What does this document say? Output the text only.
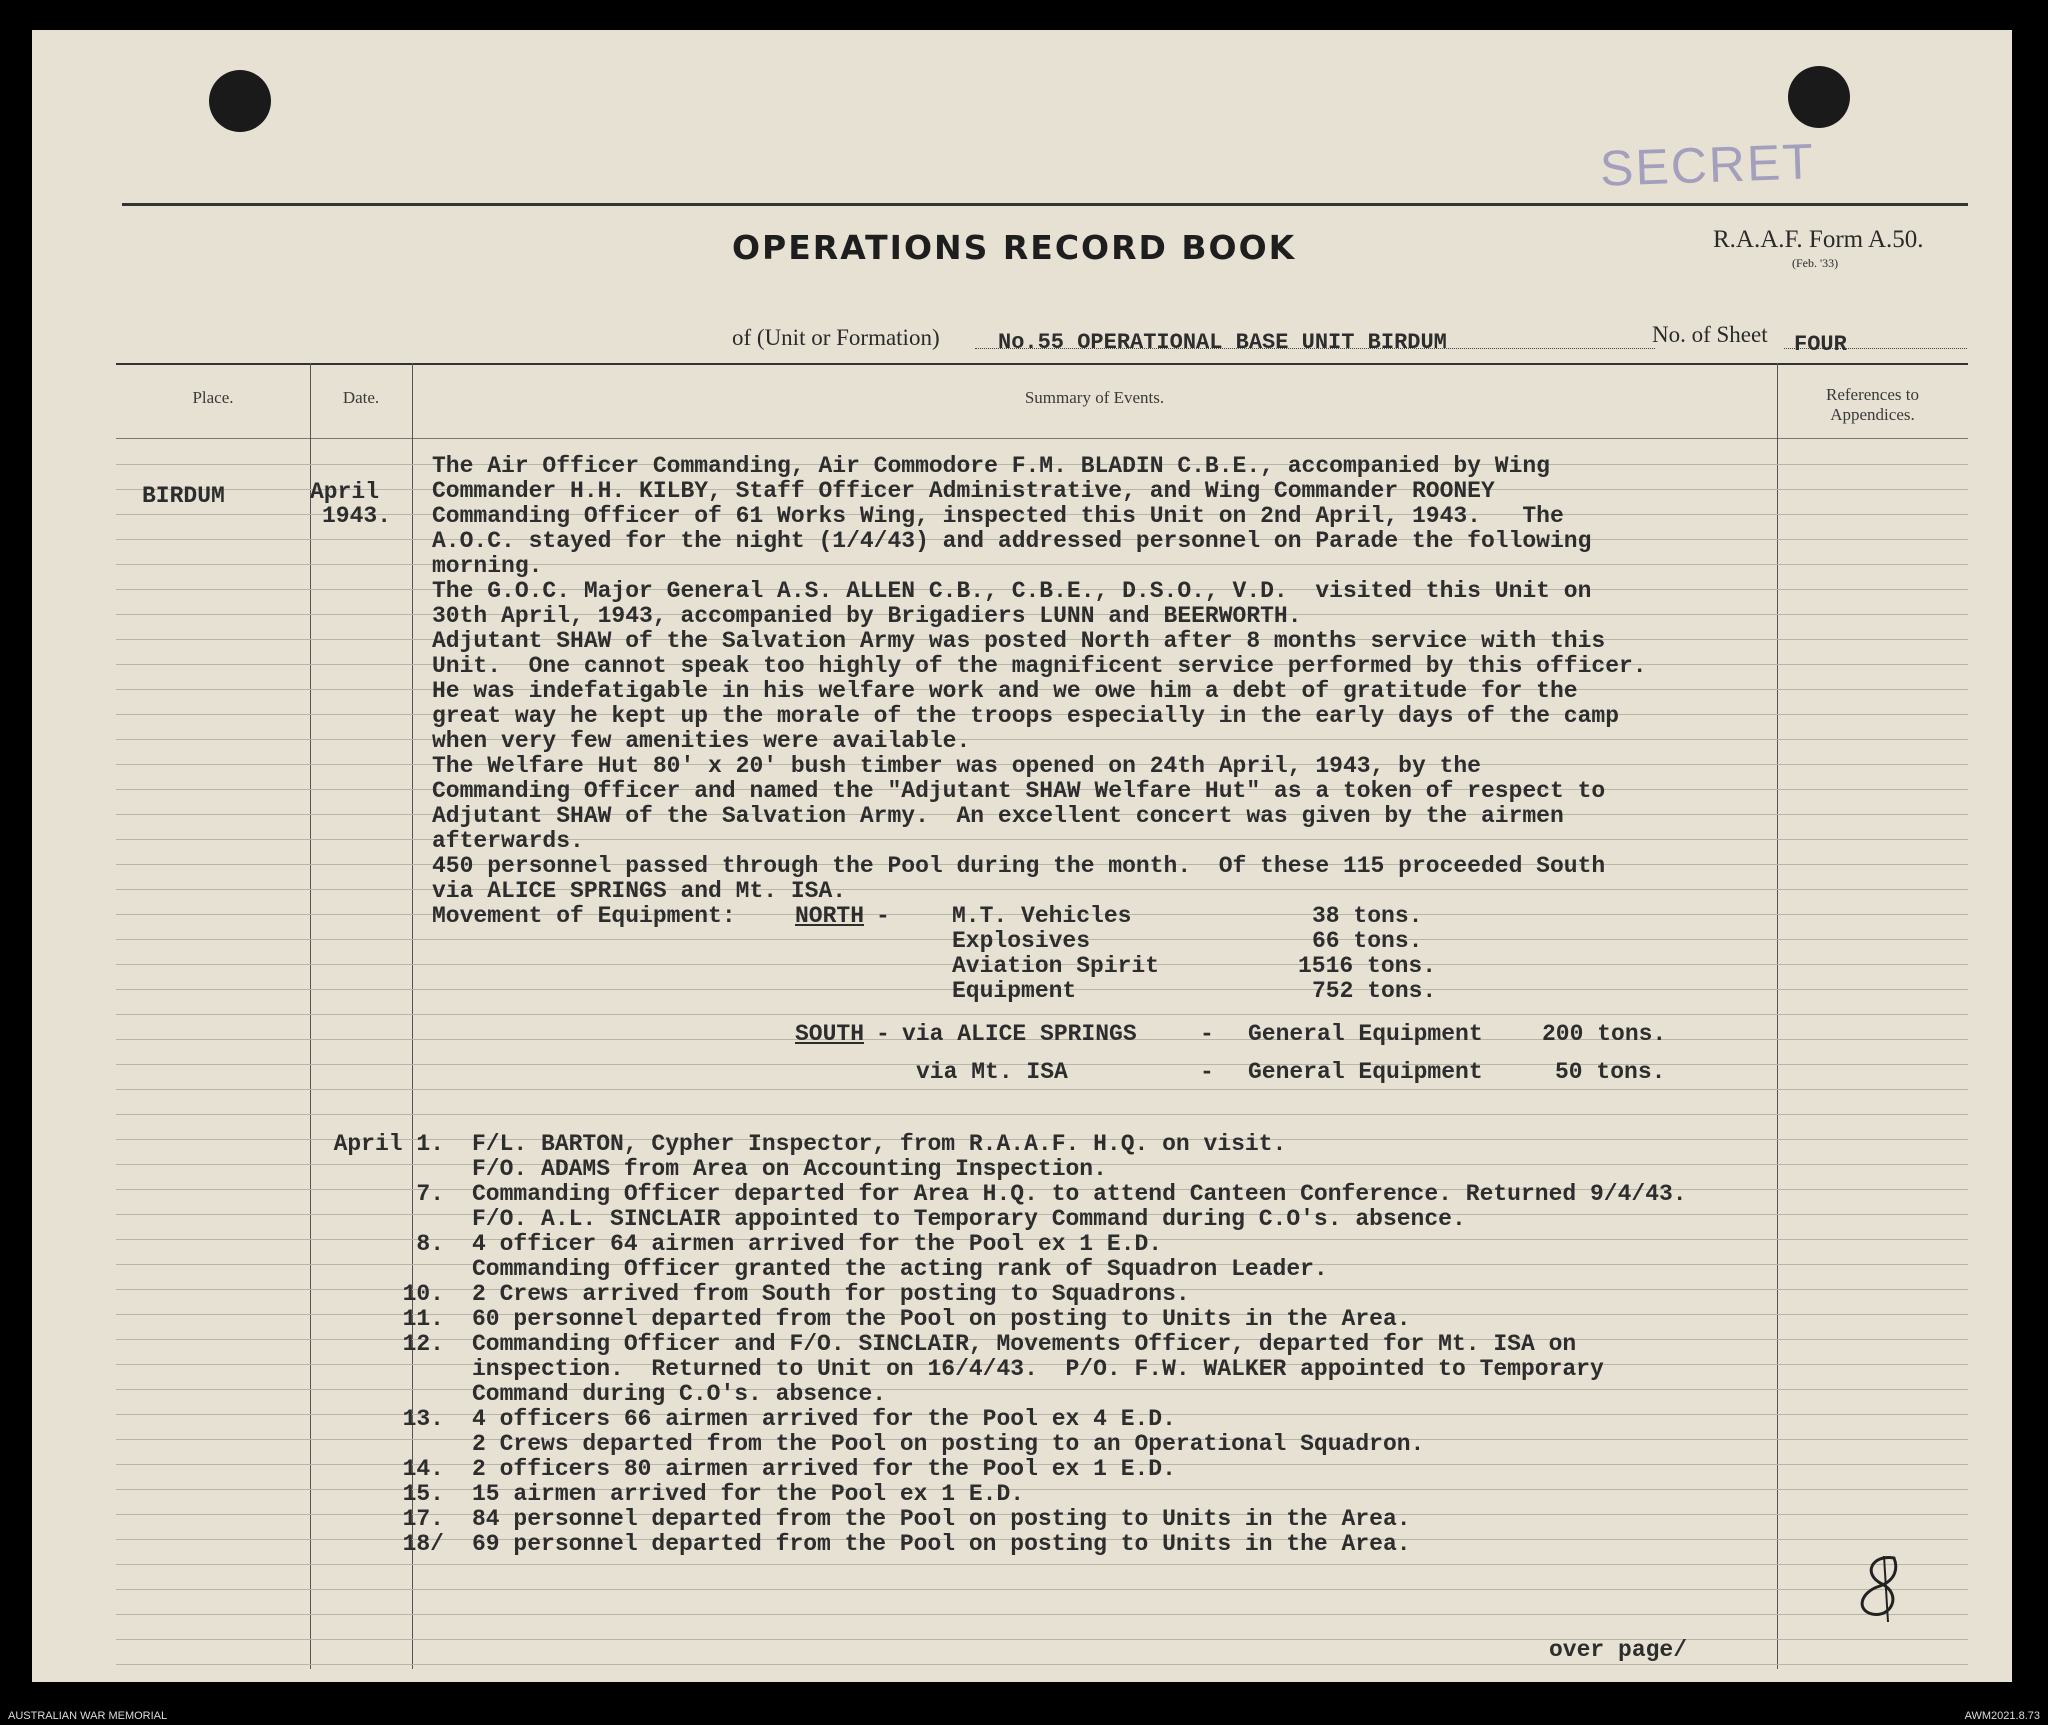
SECRET
OPERATIONS RECORD BOOK	R.A.A.F. Form A.50.
(Feb. '33)
of (Unit or Formation)	No.55 OPERATIONAL BASE UNIT BIRDUM	No. of Sheet FOUR
Place.	Date.	Summary of Events.	References to
Appendices.
BIRDUM	April
1943.
The Air Officer Commanding, Air Commodore F.M. BLADIN C.B.E., accompanied by Wing
Commander H.H. KILBY, Staff Officer Administrative, and Wing Commander ROONEY
Commanding Officer of 61 Works Wing, inspected this Unit on 2nd April, 1943.   The
A.O.C. stayed for the night (1/4/43) and addressed personnel on Parade the following
morning.
The G.O.C. Major General A.S. ALLEN C.B., C.B.E., D.S.O., V.D.  visited this Unit on
30th April, 1943, accompanied by Brigadiers LUNN and BEERWORTH.
Adjutant SHAW of the Salvation Army was posted North after 8 months service with this
Unit.  One cannot speak too highly of the magnificent service performed by this officer.
He was indefatigable in his welfare work and we owe him a debt of gratitude for the
great way he kept up the morale of the troops especially in the early days of the camp
when very few amenities were available.
The Welfare Hut 80' x 20' bush timber was opened on 24th April, 1943, by the
Commanding Officer and named the "Adjutant SHAW Welfare Hut" as a token of respect to
Adjutant SHAW of the Salvation Army.  An excellent concert was given by the airmen
afterwards.
450 personnel passed through the Pool during the month.  Of these 115 proceeded South
via ALICE SPRINGS and Mt. ISA.
Movement of Equipment:	NORTH -	M.T. Vehicles	38 tons.
Explosives	66 tons.
Aviation Spirit	1516 tons.
Equipment	752 tons.
SOUTH - via ALICE SPRINGS	- General Equipment	200 tons.
via Mt. ISA	- General Equipment	50 tons.
April 1. F/L. BARTON, Cypher Inspector, from R.A.A.F. H.Q. on visit.
F/O. ADAMS from Area on Accounting Inspection.
7. Commanding Officer departed for Area H.Q. to attend Canteen Conference. Returned 9/4/43.
F/O. A.L. SINCLAIR appointed to Temporary Command during C.O's. absence.
8. 4 officer 64 airmen arrived for the Pool ex 1 E.D.
Commanding Officer granted the acting rank of Squadron Leader.
10. 2 Crews arrived from South for posting to Squadrons.
11. 60 personnel departed from the Pool on posting to Units in the Area.
12. Commanding Officer and F/O. SINCLAIR, Movements Officer, departed for Mt. ISA on
inspection.  Returned to Unit on 16/4/43.  P/O. F.W. WALKER appointed to Temporary
Command during C.O's. absence.
13. 4 officers 66 airmen arrived for the Pool ex 4 E.D.
2 Crews departed from the Pool on posting to an Operational Squadron.
14. 2 officers 80 airmen arrived for the Pool ex 1 E.D.
15. 15 airmen arrived for the Pool ex 1 E.D.
17. 84 personnel departed from the Pool on posting to Units in the Area.
18/ 69 personnel departed from the Pool on posting to Units in the Area.
over page/
AUSTRALIAN WAR MEMORIAL	AWM2021.8.73
